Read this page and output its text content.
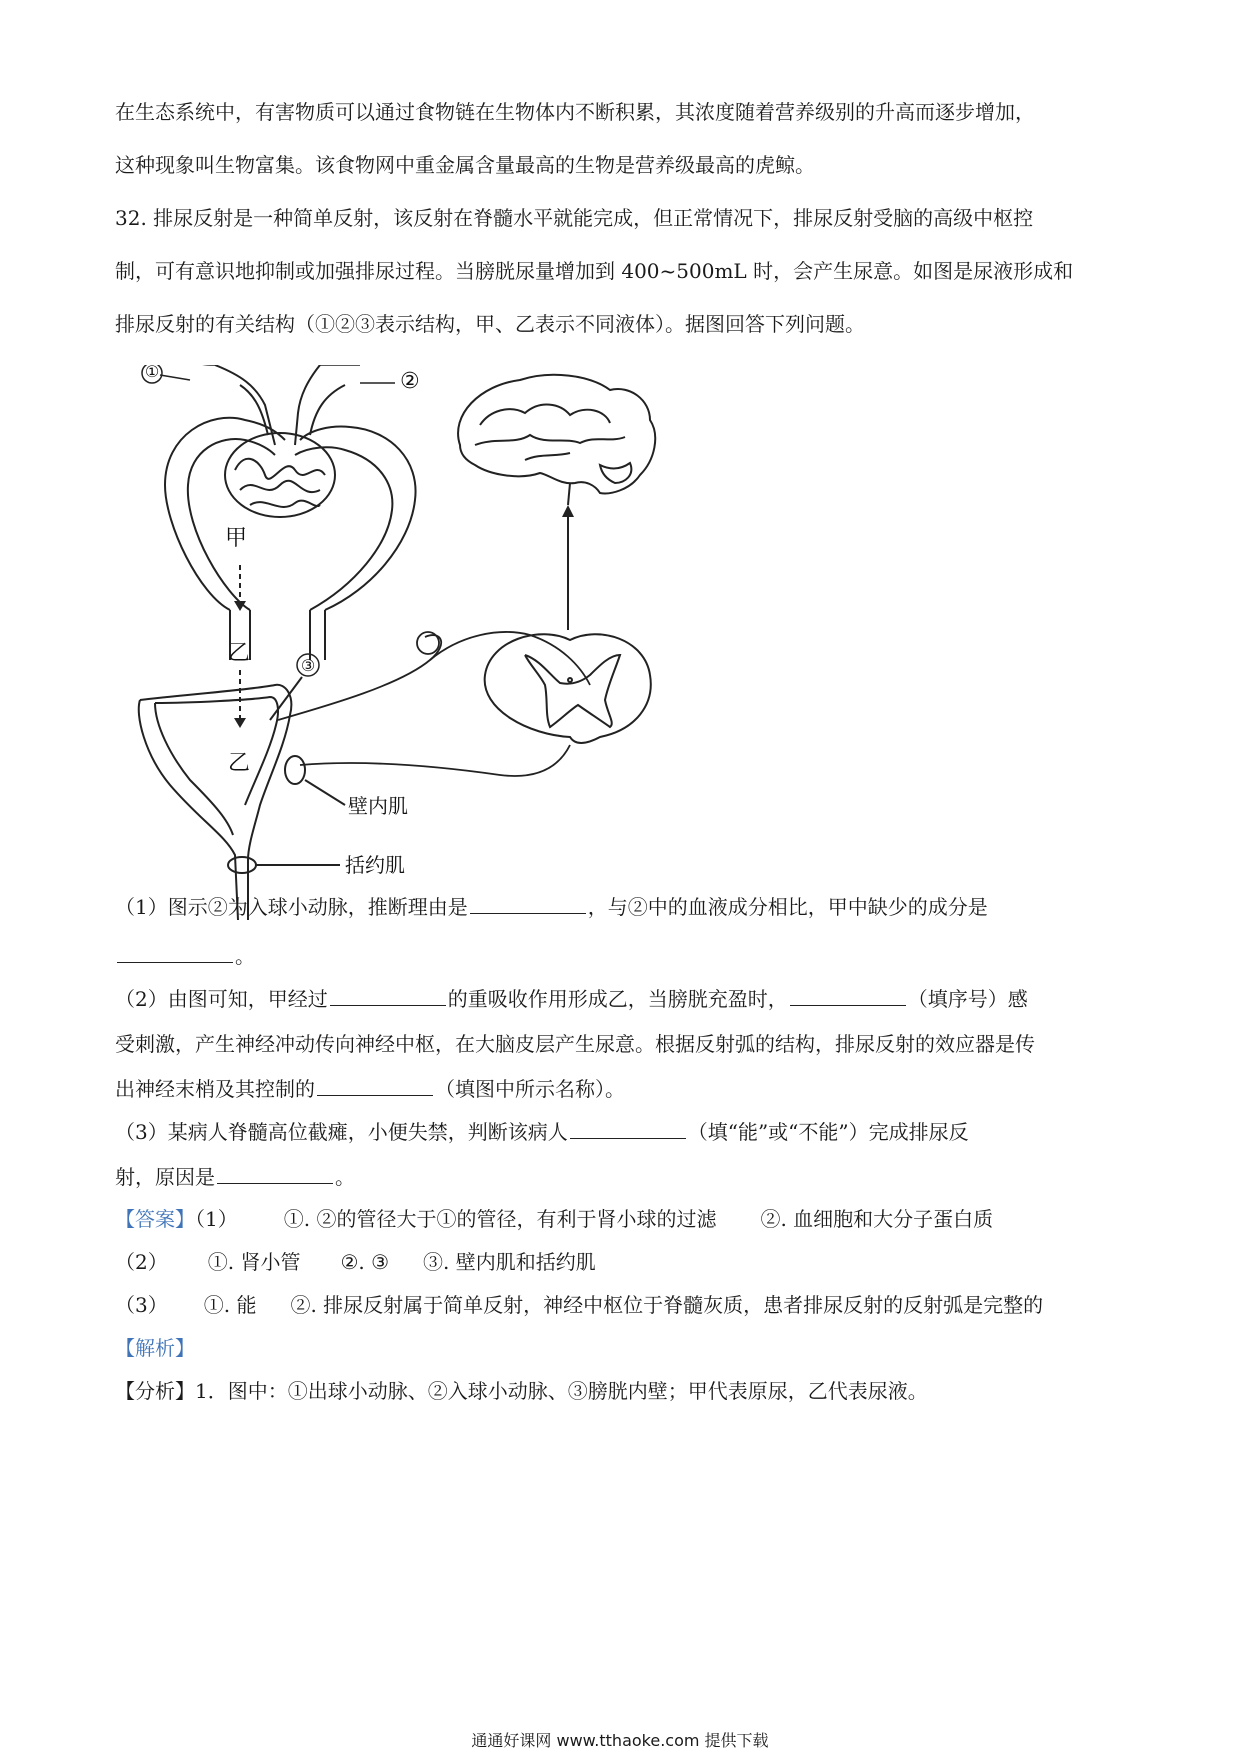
在生态系统中，有害物质可以通过食物链在生物体内不断积累，其浓度随着营养级别的升高而逐步增加，
这种现象叫生物富集。该食物网中重金属含量最高的生物是营养级最高的虎鲸。
32. 排尿反射是一种简单反射，该反射在脊髓水平就能完成，但正常情况下，排尿反射受脑的高级中枢控
制，可有意识地抑制或加强排尿过程。当膀胱尿量增加到 400~500mL 时，会产生尿意。如图是尿液形成和
排尿反射的有关结构（①②③表示结构，甲、乙表示不同液体）。据图回答下列问题。
①	②
甲
乙
乙
③
壁内肌
括约肌
（1）图示②为入球小动脉，推断理由是	，与②中的血液成分相比，甲中缺少的成分是
。
（2）由图可知，甲经过	的重吸收作用形成乙，当膀胱充盈时，	（填序号）感
受刺激，产生神经冲动传向神经中枢，在大脑皮层产生尿意。根据反射弧的结构，排尿反射的效应器是传
出神经末梢及其控制的	（填图中所示名称）。
（3）某病人脊髓高位截瘫，小便失禁，判断该病人	（填“能”或“不能”）完成排尿反
射，原因是	。
【答案】（1） ①. ②的管径大于①的管径，有利于肾小球的过滤 ②. 血细胞和大分子蛋白质
（2） ①. 肾小管 ②. ③ ③. 壁内肌和括约肌
（3） ①. 能 ②. 排尿反射属于简单反射，神经中枢位于脊髓灰质，患者排尿反射的反射弧是完整的
【解析】
【分析】1．图中：①出球小动脉、②入球小动脉、③膀胱内壁；甲代表原尿，乙代表尿液。
通通好课网 www.tthaoke.com 提供下载
